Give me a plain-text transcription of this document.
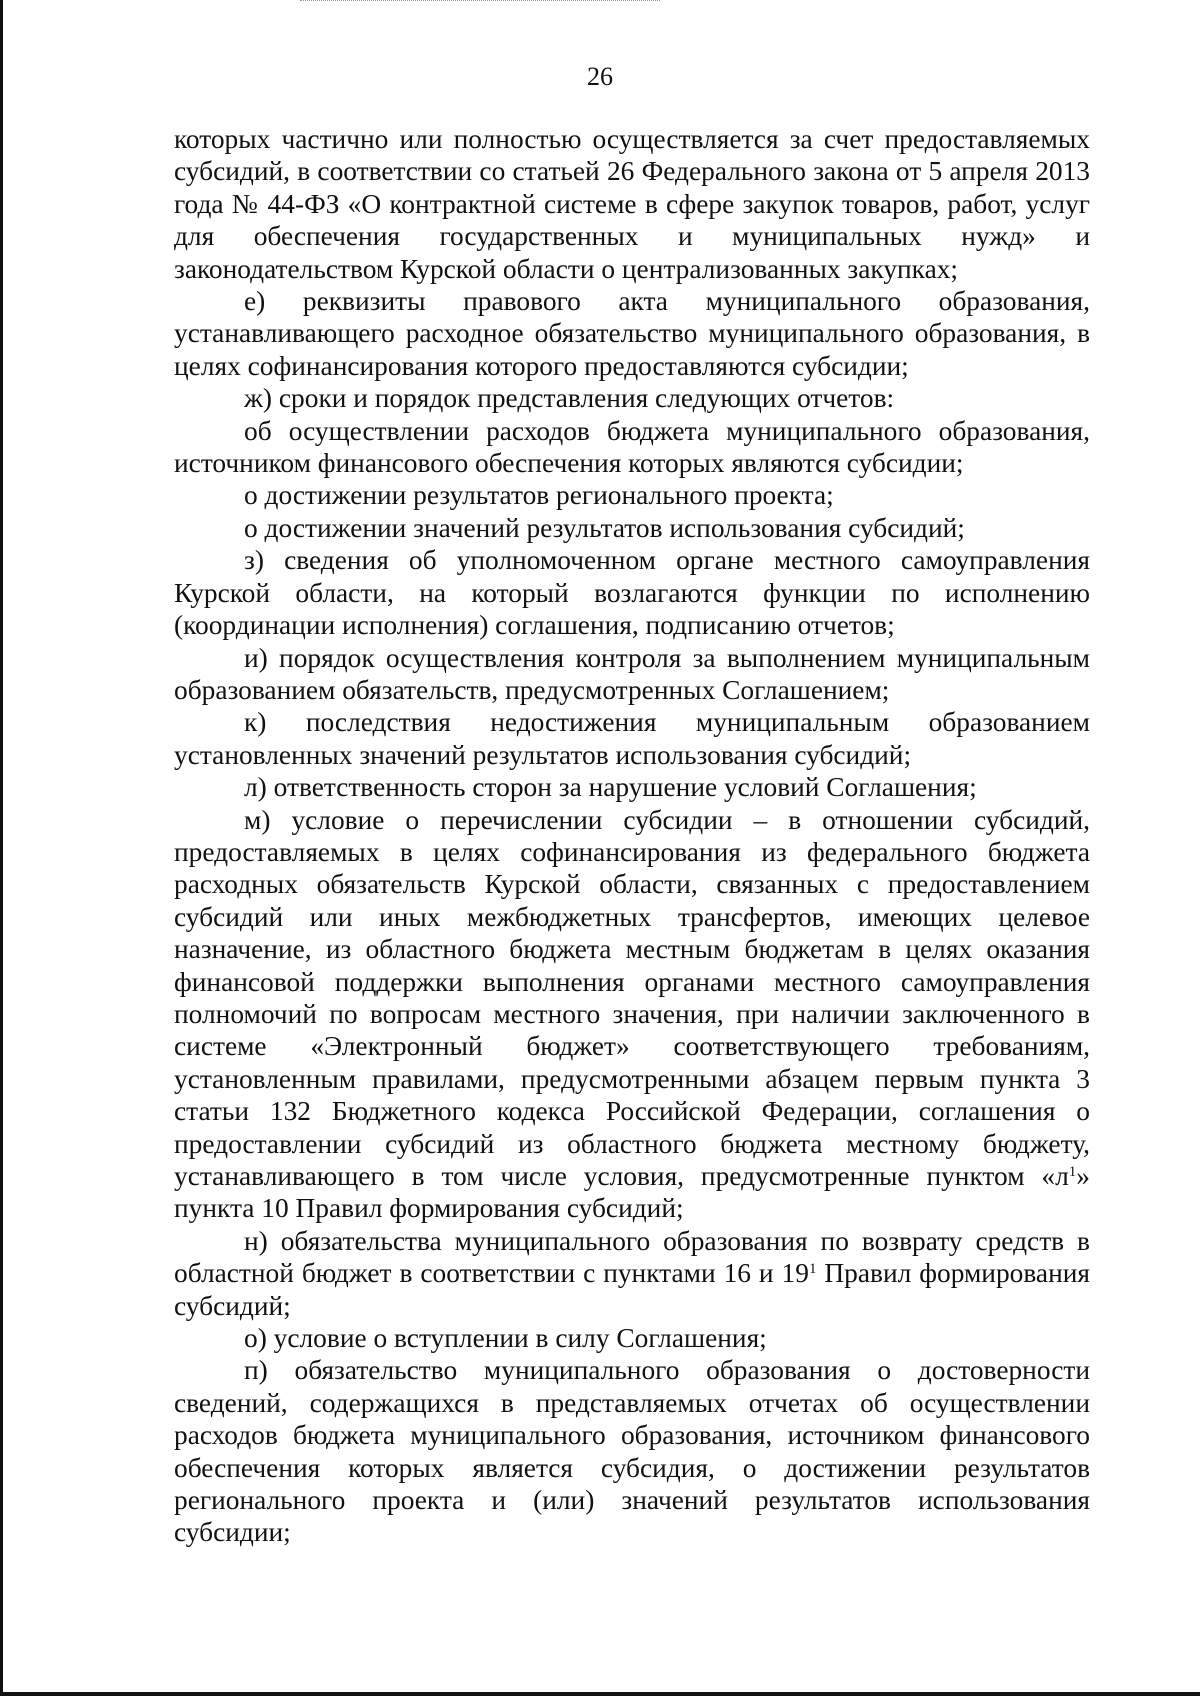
26

которых частично или полностью осуществляется за счет предоставляемых субсидий, в соответствии со статьей 26 Федерального закона от 5 апреля 2013 года № 44-ФЗ «О контрактной системе в сфере закупок товаров, работ, услуг для обеспечения государственных и муниципальных нужд» и законодательством Курской области о централизованных закупках;

е) реквизиты правового акта муниципального образования, устанавливающего расходное обязательство муниципального образования, в целях софинансирования которого предоставляются субсидии;

ж) сроки и порядок представления следующих отчетов:

об осуществлении расходов бюджета муниципального образования, источником финансового обеспечения которых являются субсидии;

о достижении результатов регионального проекта;

о достижении значений результатов использования субсидий;

з) сведения об уполномоченном органе местного самоуправления Курской области, на который возлагаются функции по исполнению (координации исполнения) соглашения, подписанию отчетов;

и) порядок осуществления контроля за выполнением муниципальным образованием обязательств, предусмотренных Соглашением;

к) последствия недостижения муниципальным образованием установленных значений результатов использования субсидий;

л) ответственность сторон за нарушение условий Соглашения;

м) условие о перечислении субсидии – в отношении субсидий, предоставляемых в целях софинансирования из федерального бюджета расходных обязательств Курской области, связанных с предоставлением субсидий или иных межбюджетных трансфертов, имеющих целевое назначение, из областного бюджета местным бюджетам в целях оказания финансовой поддержки выполнения органами местного самоуправления полномочий по вопросам местного значения, при наличии заключенного в системе «Электронный бюджет» соответствующего требованиям, установленным правилами, предусмотренными абзацем первым пункта 3 статьи 132 Бюджетного кодекса Российской Федерации, соглашения о предоставлении субсидий из областного бюджета местному бюджету, устанавливающего в том числе условия, предусмотренные пунктом «$л^1$» пункта 10 Правил формирования субсидий;

н) обязательства муниципального образования по возврату средств в областной бюджет в соответствии с пунктами 16 и $19^1$ Правил формирования субсидий;

о) условие о вступлении в силу Соглашения;

п) обязательство муниципального образования о достоверности сведений, содержащихся в представляемых отчетах об осуществлении расходов бюджета муниципального образования, источником финансового обеспечения которых является субсидия, о достижении результатов регионального проекта и (или) значений результатов использования субсидии;
